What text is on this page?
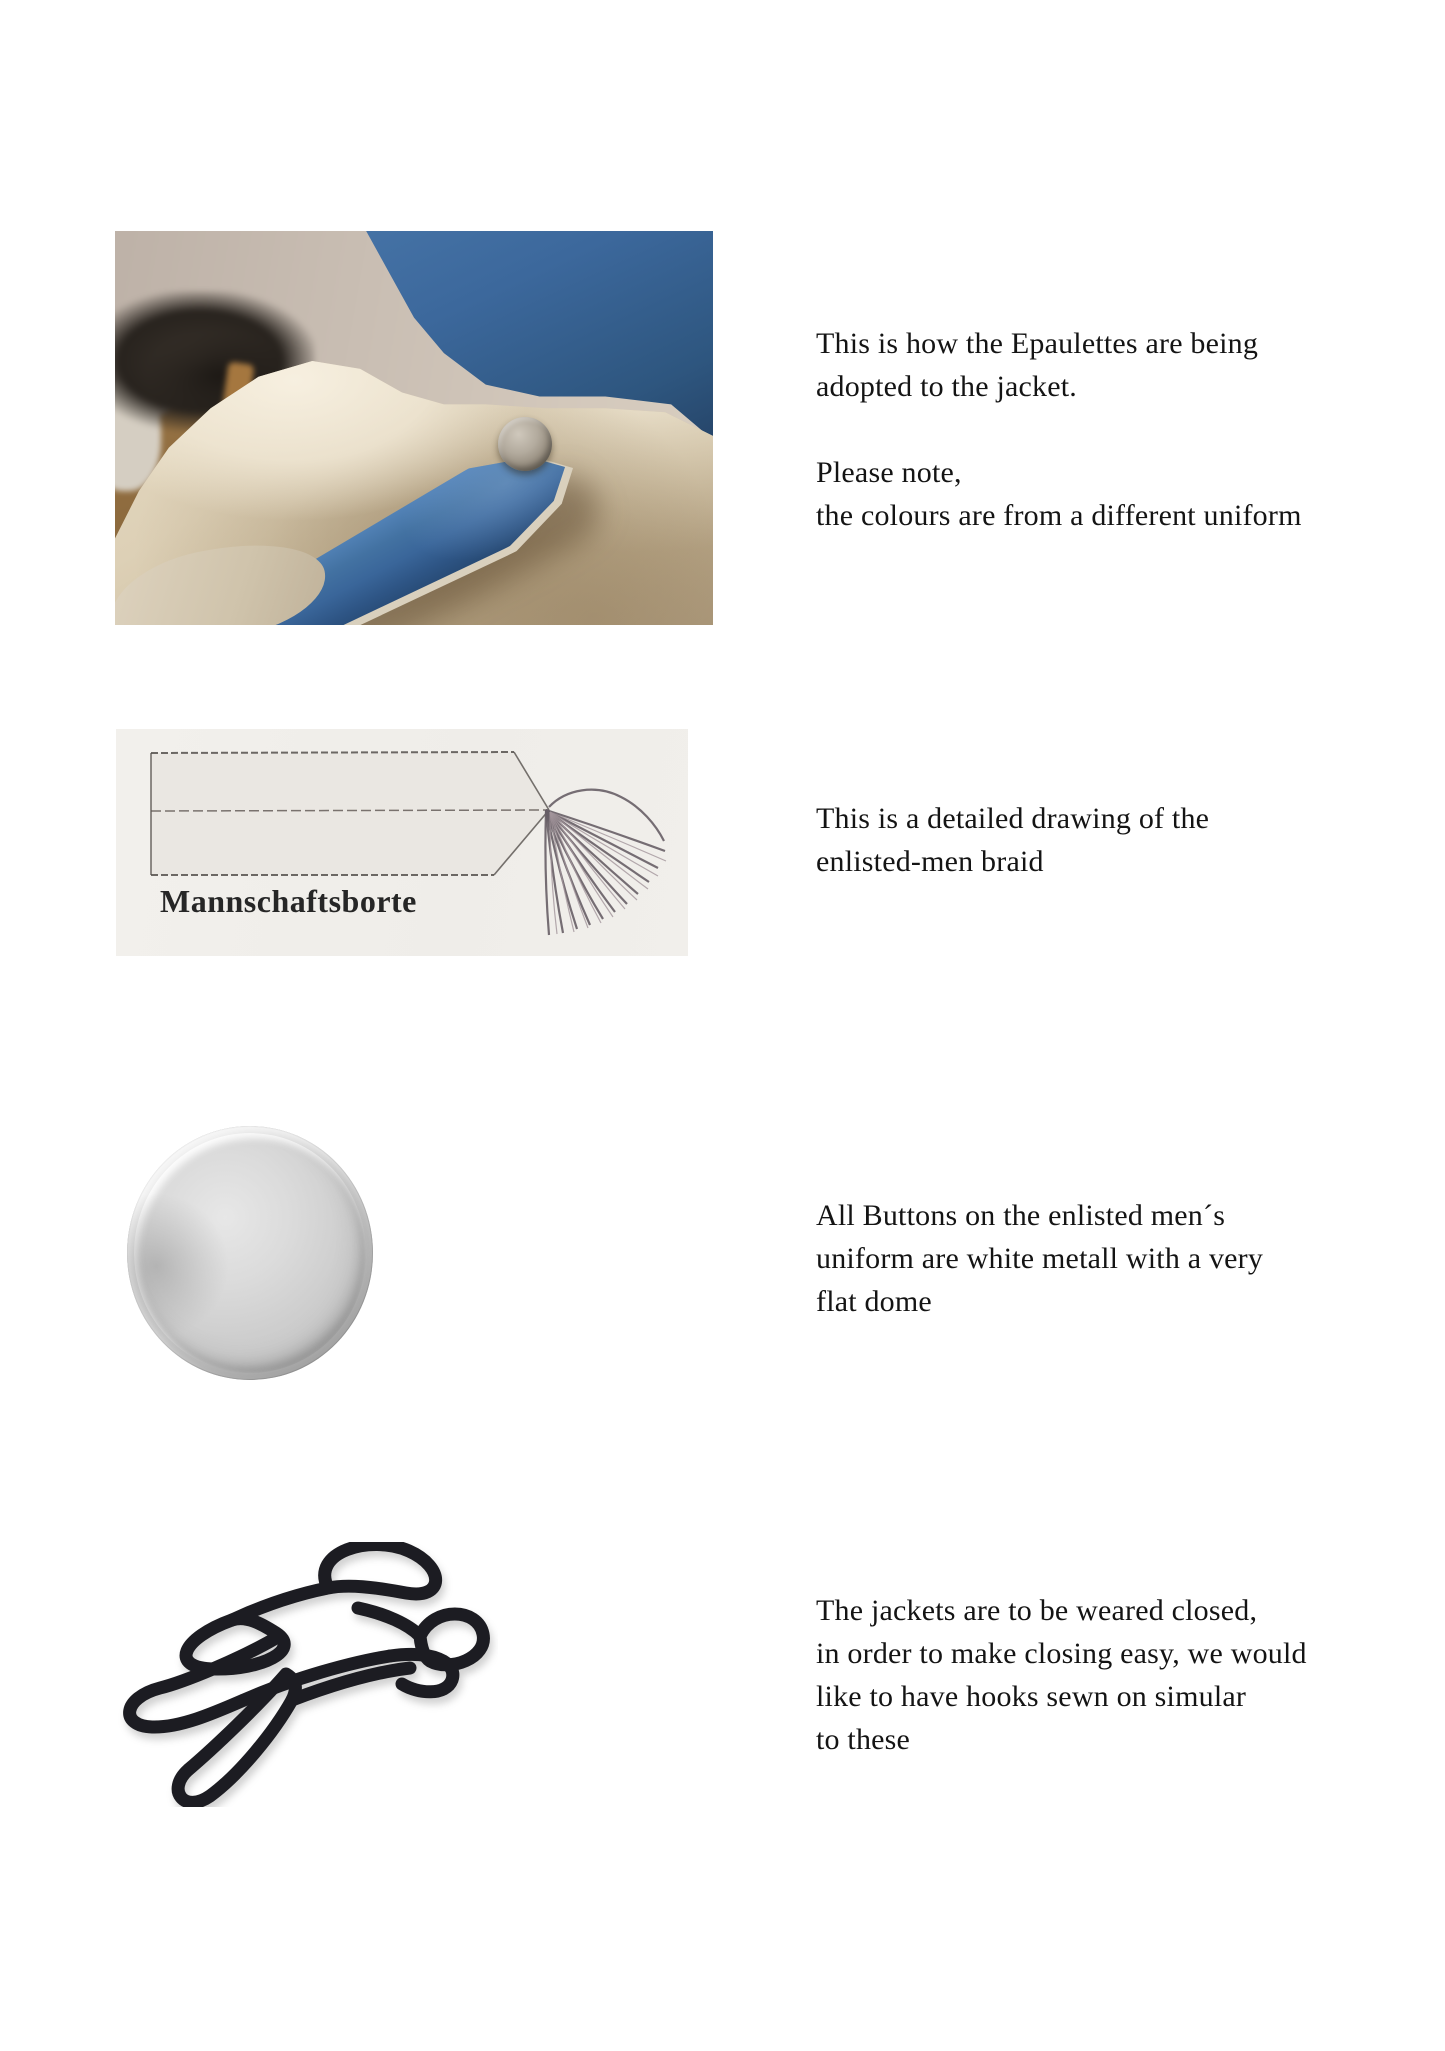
This is how the Epaulettes are being
adopted to the jacket.

Please note,
the colours are from a different uniform
Mannschaftsborte
This is a detailed drawing of the
enlisted-men braid
All Buttons on the enlisted men´s
uniform are white metall with a very
flat dome
The jackets are to be weared closed,
in order to make closing easy, we would
like to have hooks sewn on simular
to these
